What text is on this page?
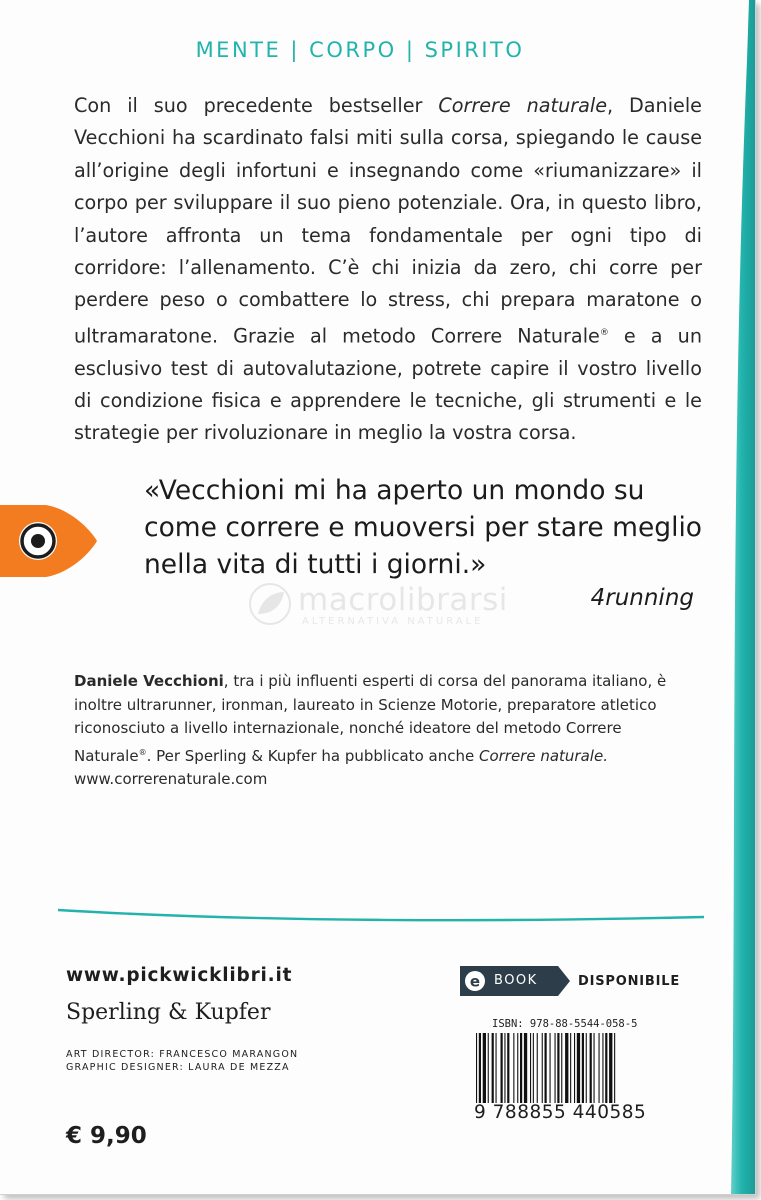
MENTE | CORPO | SPIRITO

Con il suo precedente bestseller Correre naturale, Daniele Vecchioni ha scardinato falsi miti sulla corsa, spiegando le cause all’origine degli infortuni e insegnando come «riumanizzare» il corpo per sviluppare il suo pieno potenziale. Ora, in questo libro, l’autore affronta un tema fondamentale per ogni tipo di corridore: l’allenamento. C’è chi inizia da zero, chi corre per perdere peso o combattere lo stress, chi prepara maratone o ultramaratone. Grazie al metodo Correre Naturale® e a un esclusivo test di autovalutazione, potrete capire il vostro livello di condizione fisica e apprendere le tecniche, gli strumenti e le strategie per rivoluzionare in meglio la vostra corsa.

«Vecchioni mi ha aperto un mondo su come correre e muoversi per stare meglio nella vita di tutti i giorni.»
macrolibrarsi
ALTERNATIVA NATURALE
4running
Daniele Vecchioni, tra i più influenti esperti di corsa del panorama italiano, è inoltre ultrarunner, ironman, laureato in Scienze Motorie, preparatore atletico riconosciuto a livello internazionale, nonché ideatore del metodo Correre Naturale®. Per Sperling & Kupfer ha pubblicato anche Correre naturale.
www.correrenaturale.com
www.pickwicklibri.it
Sperling & Kupfer
ART DIRECTOR: FRANCESCO MARANGON
GRAPHIC DESIGNER: LAURA DE MEZZA
€ 9,90
e BOOK	DISPONIBILE
ISBN: 978-88-5544-058-5
9 788855 440585
